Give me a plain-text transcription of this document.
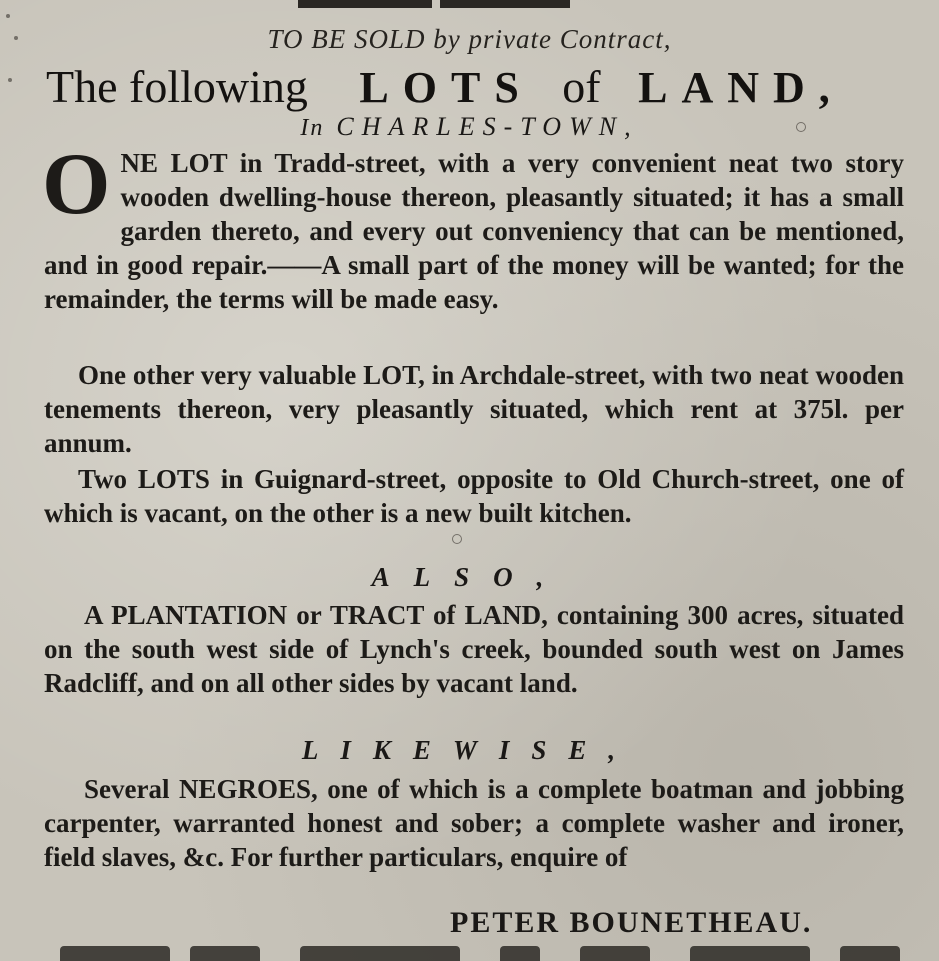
TO BE SOLD by private Contract,
The following LOTS of LAND,
In CHARLES-TOWN,
O NE LOT in Tradd-street, with a very convenient neat two story wooden dwelling-house thereon, pleasantly situated; it has a small garden thereto, and every out conveniency that can be mentioned, and in good repair.——A small part of the money will be wanted; for the remainder, the terms will be made easy.

One other very valuable LOT, in Archdale-street, with two neat wooden tenements thereon, very pleasantly situated, which rent at 375l. per annum.

Two LOTS in Guignard-street, opposite to Old Church-street, one of which is vacant, on the other is a new built kitchen.

ALSO,

A PLANTATION or TRACT of LAND, containing 300 acres, situated on the south west side of Lynch's creek, bounded south west on James Radcliff, and on all other sides by vacant land.

LIKEWISE,

Several NEGROES, one of which is a complete boatman and jobbing carpenter, warranted honest and sober; a complete washer and ironer, field slaves, &c. For further particulars, enquire of

PETER BOUNETHEAU.
